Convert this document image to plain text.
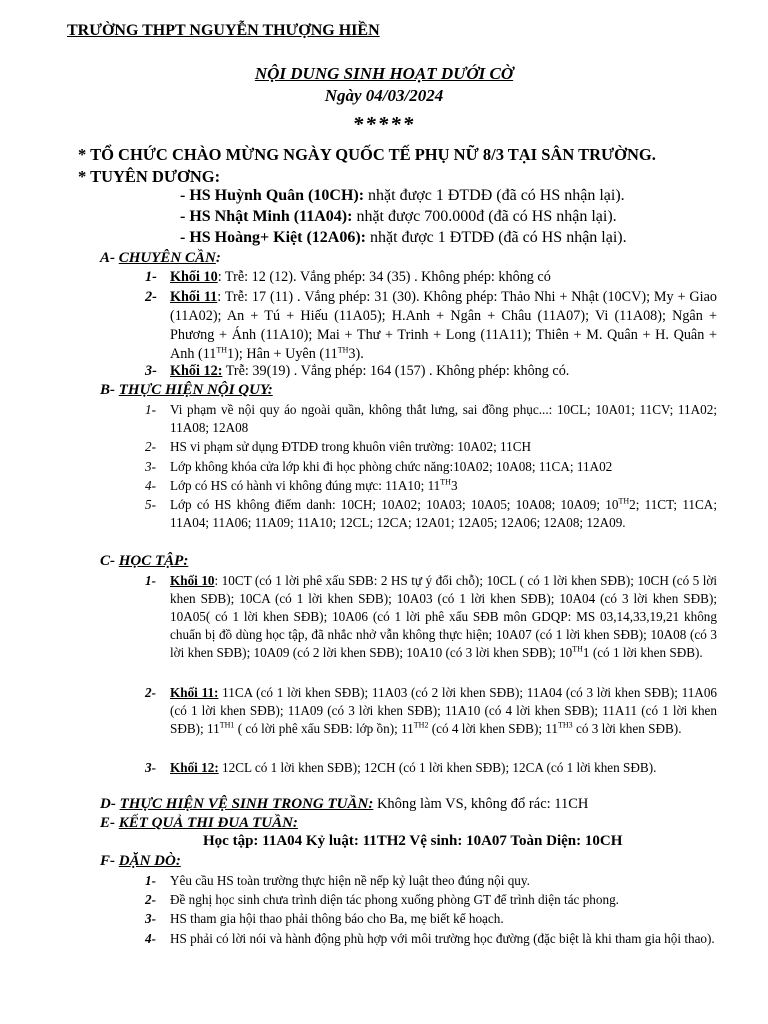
TRƯỜNG THPT NGUYỄN THƯỢNG HIỀN
NỘI DUNG SINH HOẠT DƯỚI CỜ
Ngày 04/03/2024
*****
* TỔ CHỨC CHÀO MỪNG NGÀY QUỐC TẾ PHỤ NỮ 8/3 TẠI SÂN TRƯỜNG.
* TUYÊN DƯƠNG:
- HS Huỳnh Quân (10CH): nhặt được 1 ĐTDĐ (đã có HS nhận lại).
- HS Nhật Minh (11A04): nhặt được 700.000đ (đã có HS nhận lại).
- HS Hoàng+ Kiệt (12A06): nhặt được 1 ĐTDĐ (đã có HS nhận lại).
A- CHUYÊN CẦN:
1- Khối 10: Trễ: 12 (12). Vắng phép: 34 (35) . Không phép: không có
2- Khối 11: Trễ: 17 (11) . Vắng phép: 31 (30). Không phép: Thảo Nhi + Nhật (10CV); My + Giao (11A02); An + Tú + Hiếu (11A05); H.Anh + Ngân + Châu (11A07); Vi (11A08); Ngân + Phương + Ánh (11A10); Mai + Thư + Trinh + Long (11A11); Thiên + M. Quân + H. Quân + Anh (11TH1); Hân + Uyên (11TH3).
3- Khối 12: Trễ: 39(19) . Vắng phép: 164 (157) . Không phép: không có.
B- THỰC HIỆN NỘI QUY:
1- Vi phạm về nội quy áo ngoài quần, không thắt lưng, sai đồng phục...: 10CL; 10A01; 11CV; 11A02; 11A08; 12A08
2- HS vi phạm sử dụng ĐTDĐ trong khuôn viên trường: 10A02; 11CH
3- Lớp không khóa cửa lớp khi đi học phòng chức năng:10A02; 10A08; 11CA; 11A02
4- Lớp có HS có hành vi không đúng mực: 11A10; 11TH3
5- Lớp có HS không điểm danh: 10CH; 10A02; 10A03; 10A05; 10A08; 10A09; 10TH2; 11CT; 11CA; 11A04; 11A06; 11A09; 11A10; 12CL; 12CA; 12A01; 12A05; 12A06; 12A08; 12A09.
C- HỌC TẬP:
1- Khối 10: 10CT (có 1 lời phê xấu SĐB: 2 HS tự ý đổi chỗ); 10CL ( có 1 lời khen SĐB); 10CH (có 5 lời khen SĐB); 10CA (có 1 lời khen SĐB); 10A03 (có 1 lời khen SĐB); 10A04 (có 3 lời khen SĐB); 10A05( có 1 lời khen SĐB); 10A06 (có 1 lời phê xấu SĐB môn GDQP: MS 03,14,33,19,21 không chuẩn bị đồ dùng học tập, đã nhắc nhở vẫn không thực hiện; 10A07 (có 1 lời khen SĐB); 10A08 (có 3 lời khen SĐB); 10A09 (có 2 lời khen SĐB); 10A10 (có 3 lời khen SĐB); 10TH1 (có 1 lời khen SĐB).
2- Khối 11: 11CA (có 1 lời khen SĐB); 11A03 (có 2 lời khen SĐB); 11A04 (có 3 lời khen SĐB); 11A06 (có 1 lời khen SĐB); 11A09 (có 3 lời khen SĐB); 11A10 (có 4 lời khen SĐB); 11A11 (có 1 lời khen SĐB); $11^{TH1}$ ( có lời phê xấu SĐB: lớp ồn); $11^{TH2}$ (có 4 lời khen SĐB); $11^{TH3}$ có 3 lời khen SĐB).
3- Khối 12: 12CL có 1 lời khen SĐB); 12CH (có 1 lời khen SĐB); 12CA (có 1 lời khen SĐB).
D- THỰC HIỆN VỆ SINH TRONG TUẦN: Không làm VS, không đổ rác: 11CH
E- KẾT QUẢ THI ĐUA TUẦN:
Học tập: 11A04 Kỷ luật: 11TH2 Vệ sinh: 10A07 Toàn Diện: 10CH
F- DẶN DÒ:
1- Yêu cầu HS toàn trường thực hiện nề nếp kỷ luật theo đúng nội quy.
2- Đề nghị học sinh chưa trình diện tác phong xuống phòng GT để trình diện tác phong.
3- HS tham gia hội thao phải thông báo cho Ba, mẹ biết kế hoạch.
4- HS phải có lời nói và hành động phù hợp với môi trường học đường (đặc biệt là khi tham gia hội thao).
